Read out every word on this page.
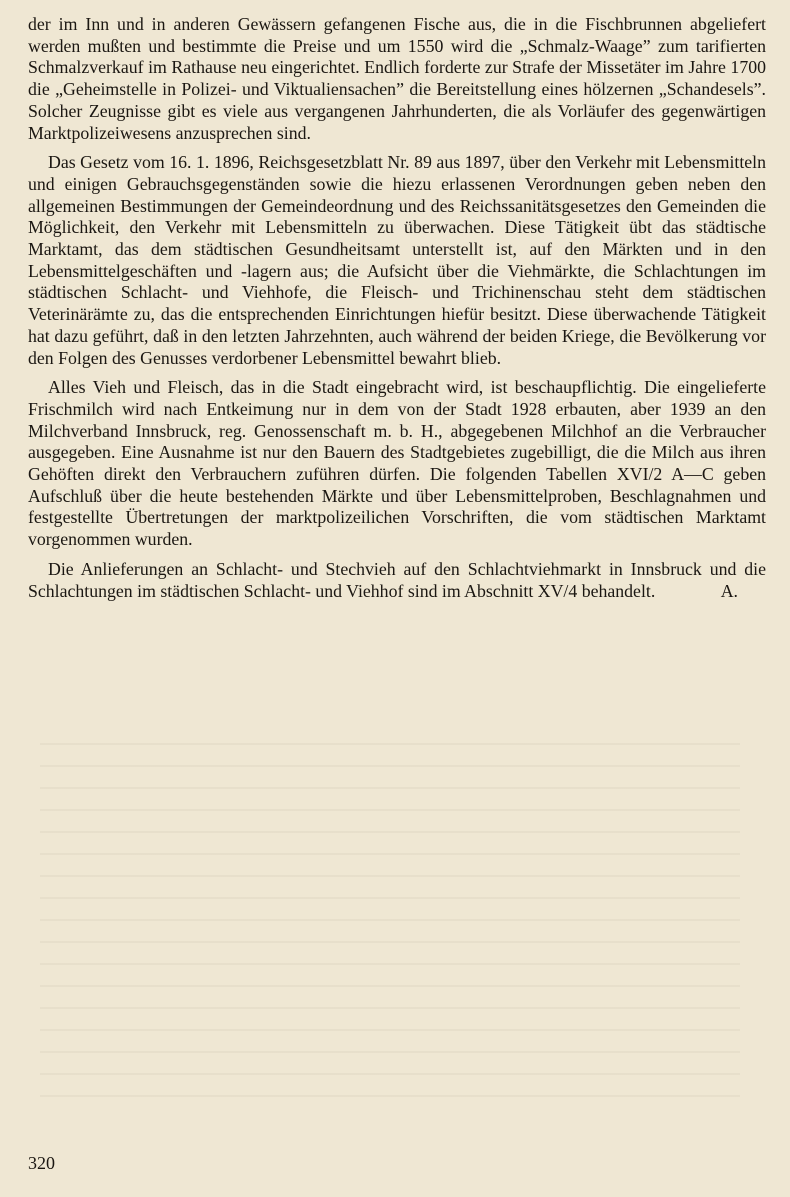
der im Inn und in anderen Gewässern gefangenen Fische aus, die in die Fischbrunnen abgeliefert werden mußten und bestimmte die Preise und um 1550 wird die „Schmalz-Waage” zum tarifierten Schmalzverkauf im Rathause neu eingerichtet. Endlich forderte zur Strafe der Missetäter im Jahre 1700 die „Geheimstelle in Polizei- und Viktualiensachen” die Bereitstellung eines hölzernen „Schandesels”. Solcher Zeugnisse gibt es viele aus vergangenen Jahrhunderten, die als Vorläufer des gegenwärtigen Marktpolizeiwesens anzusprechen sind.

Das Gesetz vom 16. 1. 1896, Reichsgesetzblatt Nr. 89 aus 1897, über den Verkehr mit Lebensmitteln und einigen Gebrauchsgegenständen sowie die hiezu erlassenen Verordnungen geben neben den allgemeinen Bestimmungen der Gemeindeordnung und des Reichssanitätsgesetzes den Gemeinden die Möglichkeit, den Verkehr mit Lebensmitteln zu überwachen. Diese Tätigkeit übt das städtische Marktamt, das dem städtischen Gesundheitsamt unterstellt ist, auf den Märkten und in den Lebensmittelgeschäften und -lagern aus; die Aufsicht über die Viehmärkte, die Schlachtungen im städtischen Schlacht- und Viehhofe, die Fleisch- und Trichinenschau steht dem städtischen Veterinärämte zu, das die entsprechenden Einrichtungen hiefür besitzt. Diese überwachende Tätigkeit hat dazu geführt, daß in den letzten Jahrzehnten, auch während der beiden Kriege, die Bevölkerung vor den Folgen des Genusses verdorbener Lebensmittel bewahrt blieb.

Alles Vieh und Fleisch, das in die Stadt eingebracht wird, ist beschaupflichtig. Die eingelieferte Frischmilch wird nach Entkeimung nur in dem von der Stadt 1928 erbauten, aber 1939 an den Milchverband Innsbruck, reg. Genossenschaft m. b. H., abgegebenen Milchhof an die Verbraucher ausgegeben. Eine Ausnahme ist nur den Bauern des Stadtgebietes zugebilligt, die die Milch aus ihren Gehöften direkt den Verbrauchern zuführen dürfen. Die folgenden Tabellen XVI/2 A—C geben Aufschluß über die heute bestehenden Märkte und über Lebensmittelproben, Beschlagnahmen und festgestellte Übertretungen der marktpolizeilichen Vorschriften, die vom städtischen Marktamt vorgenommen wurden.

Die Anlieferungen an Schlacht- und Stechvieh auf den Schlachtviehmarkt in Innsbruck und die Schlachtungen im städtischen Schlacht- und Viehhof sind im Abschnitt XV/4 behandelt.	A.

320
